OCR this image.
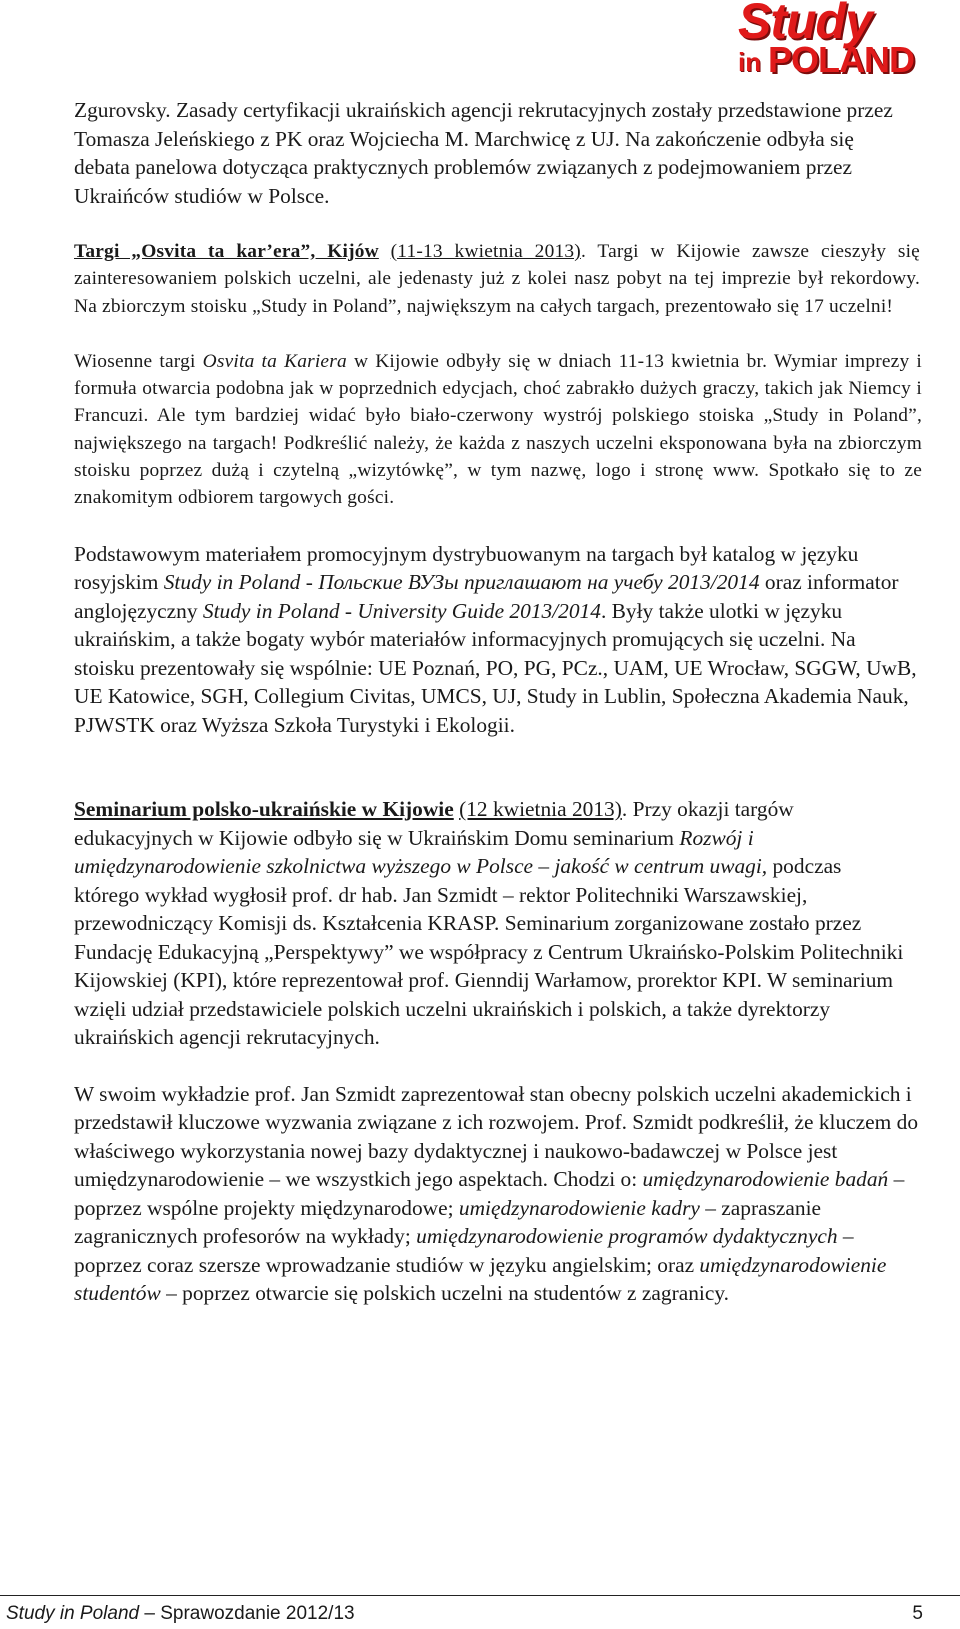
Study
in POLAND

Zgurovsky. Zasady certyfikacji ukraińskich agencji rekrutacyjnych zostały przedstawione przez Tomasza Jeleńskiego z PK oraz Wojciecha M. Marchwicę z UJ. Na zakończenie odbyła się debata panelowa dotycząca praktycznych problemów związanych z podejmowaniem przez Ukraińców studiów w Polsce.

Targi „Osvita ta kar’era”, Kijów (11-13 kwietnia 2013). Targi w Kijowie zawsze cieszyły się zainteresowaniem polskich uczelni, ale jedenasty już z kolei nasz pobyt na tej imprezie był rekordowy. Na zbiorczym stoisku „Study in Poland”, największym na całych targach, prezentowało się 17 uczelni!

Wiosenne targi Osvita ta Kariera w Kijowie odbyły się w dniach 11-13 kwietnia br. Wymiar imprezy i formuła otwarcia podobna jak w poprzednich edycjach, choć zabrakło dużych graczy, takich jak Niemcy i Francuzi. Ale tym bardziej widać było biało-czerwony wystrój polskiego stoiska „Study in Poland”, największego na targach! Podkreślić należy, że każda z naszych uczelni eksponowana była na zbiorczym stoisku poprzez dużą i czytelną „wizytówkę”, w tym nazwę, logo i stronę www. Spotkało się to ze znakomitym odbiorem targowych gości.

Podstawowym materiałem promocyjnym dystrybuowanym na targach był katalog w języku rosyjskim Study in Poland - Польские ВУЗы приглашают на учебу 2013/2014 oraz informator anglojęzyczny Study in Poland - University Guide 2013/2014. Były także ulotki w języku ukraińskim, a także bogaty wybór materiałów informacyjnych promujących się uczelni. Na stoisku prezentowały się wspólnie: UE Poznań, PO, PG, PCz., UAM, UE Wrocław, SGGW, UwB, UE Katowice, SGH, Collegium Civitas, UMCS, UJ, Study in Lublin, Społeczna Akademia Nauk, PJWSTK oraz Wyższa Szkoła Turystyki i Ekologii.

Seminarium polsko-ukraińskie w Kijowie (12 kwietnia 2013). Przy okazji targów edukacyjnych w Kijowie odbyło się w Ukraińskim Domu seminarium Rozwój i umiędzynarodowienie szkolnictwa wyższego w Polsce – jakość w centrum uwagi, podczas którego wykład wygłosił prof. dr hab. Jan Szmidt – rektor Politechniki Warszawskiej, przewodniczący Komisji ds. Kształcenia KRASP. Seminarium zorganizowane zostało przez Fundację Edukacyjną „Perspektywy” we współpracy z Centrum Ukraińsko-Polskim Politechniki Kijowskiej (KPI), które reprezentował prof. Gienndij Warłamow, prorektor KPI. W seminarium wzięli udział przedstawiciele polskich uczelni ukraińskich i polskich, a także dyrektorzy ukraińskich agencji rekrutacyjnych.

W swoim wykładzie prof. Jan Szmidt zaprezentował stan obecny polskich uczelni akademickich i przedstawił kluczowe wyzwania związane z ich rozwojem. Prof. Szmidt podkreślił, że kluczem do właściwego wykorzystania nowej bazy dydaktycznej i naukowo-badawczej w Polsce jest umiędzynarodowienie – we wszystkich jego aspektach. Chodzi o: umiędzynarodowienie badań – poprzez wspólne projekty międzynarodowe; umiędzynarodowienie kadry – zapraszanie zagranicznych profesorów na wykłady; umiędzynarodowienie programów dydaktycznych – poprzez coraz szersze wprowadzanie studiów w języku angielskim; oraz umiędzynarodowienie studentów – poprzez otwarcie się polskich uczelni na studentów z zagranicy.

Study in Poland – Sprawozdanie 2012/13	5
